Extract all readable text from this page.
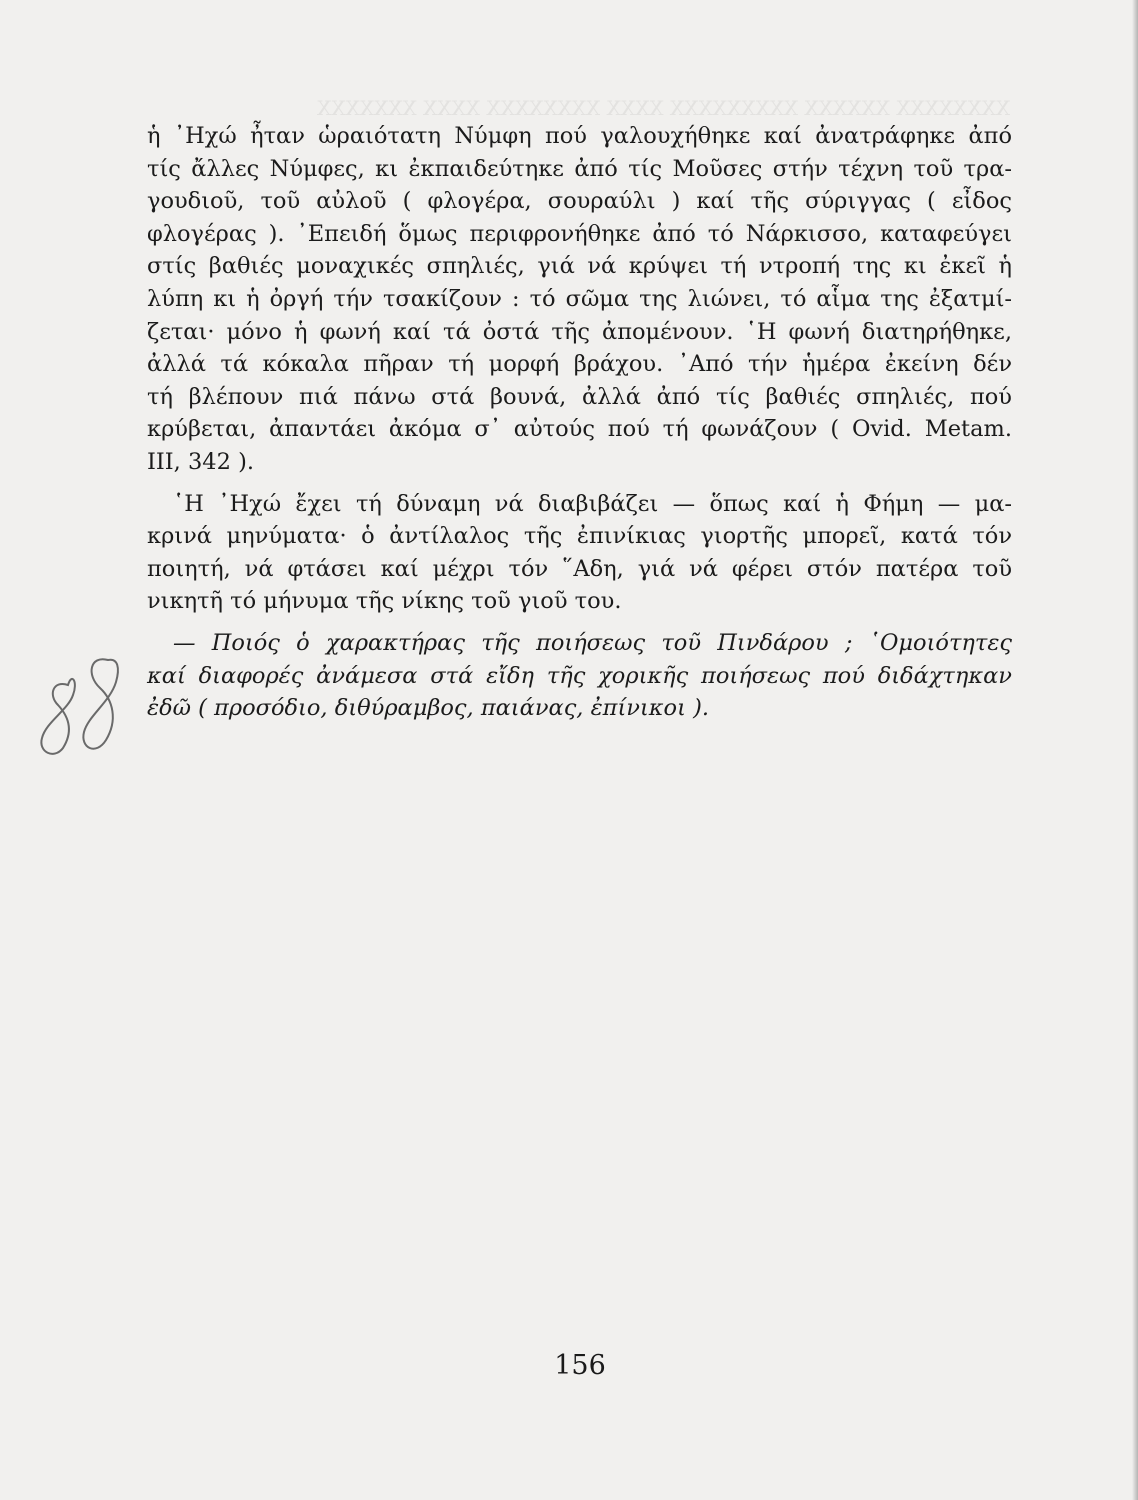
ΧΧΧΧΧΧΧΧ ΧΧΧΧΧΧ ΧΧΧΧΧΧΧΧΧ ΧΧΧΧ ΧΧΧΧΧΧΧΧ ΧΧΧΧ ΧΧΧΧΧΧΧ
ἡ ᾽Ηχώ ἦταν ὡραιότατη Νύμφη πού γαλουχήθηκε καί ἀνατράφηκε ἀπό
τίς ἄλλες Νύμφες, κι ἐκπαιδεύτηκε ἀπό τίς Μοῦσες στήν τέχνη τοῦ τρα-
γουδιοῦ, τοῦ αὐλοῦ ( φλογέρα, σουραύλι ) καί τῆς σύριγγας ( εἶδος
φλογέρας ). ᾽Επειδή ὅμως περιφρονήθηκε ἀπό τό Νάρκισσο, καταφεύγει
στίς βαθιές μοναχικές σπηλιές, γιά νά κρύψει τή ντροπή της κι ἐκεῖ ἡ
λύπη κι ἡ ὀργή τήν τσακίζουν : τό σῶμα της λιώνει, τό αἷμα της ἐξατμί-
ζεται· μόνο ἡ φωνή καί τά ὀστά τῆς ἀπομένουν. ῾Η φωνή διατηρήθηκε,
ἀλλά τά κόκαλα πῆραν τή μορφή βράχου. ᾽Από τήν ἡμέρα ἐκείνη δέν
τή βλέπουν πιά πάνω στά βουνά, ἀλλά ἀπό τίς βαθιές σπηλιές, πού
κρύβεται, ἀπαντάει ἀκόμα σ᾽ αὐτούς πού τή φωνάζουν ( Ovid. Metam.
III, 342 ).
῾Η ᾽Ηχώ ἔχει τή δύναμη νά διαβιβάζει — ὅπως καί ἡ Φήμη — μα-
κρινά μηνύματα· ὁ ἀντίλαλος τῆς ἐπινίκιας γιορτῆς μπορεῖ, κατά τόν
ποιητή, νά φτάσει καί μέχρι τόν ῞Αδη, γιά νά φέρει στόν πατέρα τοῦ
νικητῆ τό μήνυμα τῆς νίκης τοῦ γιοῦ του.
— Ποιός ὁ χαρακτήρας τῆς ποιήσεως τοῦ Πινδάρου ; ῾Ομοιότητες
καί διαφορές ἀνάμεσα στά εἴδη τῆς χορικῆς ποιήσεως πού διδάχτηκαν
ἐδῶ ( προσόδιο, διθύραμβος, παιάνας, ἐπίνικοι ).
88
156
